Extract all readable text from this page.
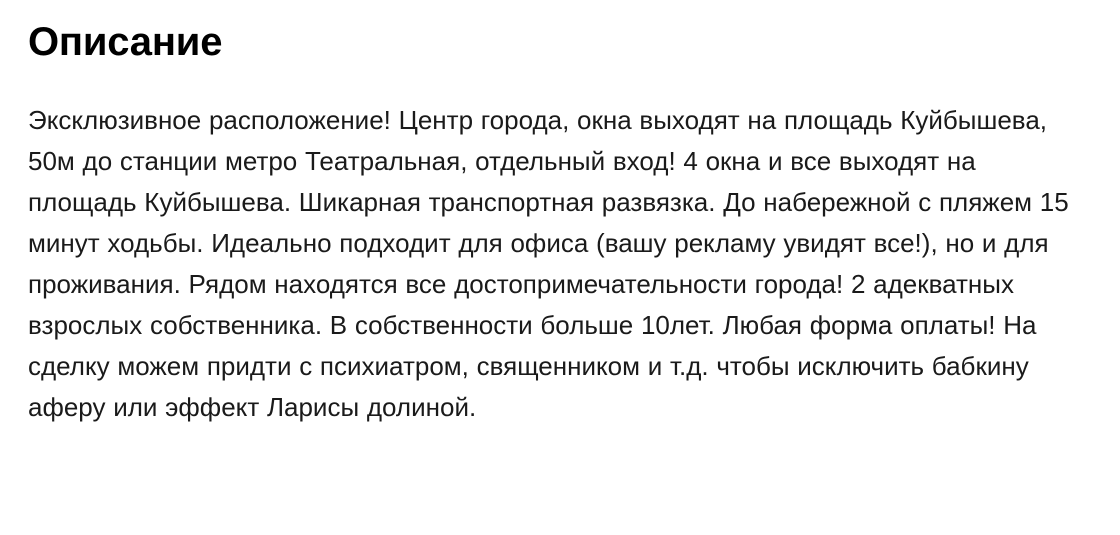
Описание

Эксклюзивное расположение! Центр города, окна выходят на площадь Куйбышева, 50м до станции метро Театральная, отдельный вход! 4 окна и все выходят на площадь Куйбышева. Шикарная транспортная развязка. До набережной с пляжем 15 минут ходьбы. Идеально подходит для офиса (вашу рекламу увидят все!), но и для проживания. Рядом находятся все достопримечательности города! 2 адекватных взрослых собственника. В собственности больше 10лет. Любая форма оплаты! На сделку можем придти с психиатром, священником и т.д. чтобы исключить бабкину аферу или эффект Ларисы долиной.
